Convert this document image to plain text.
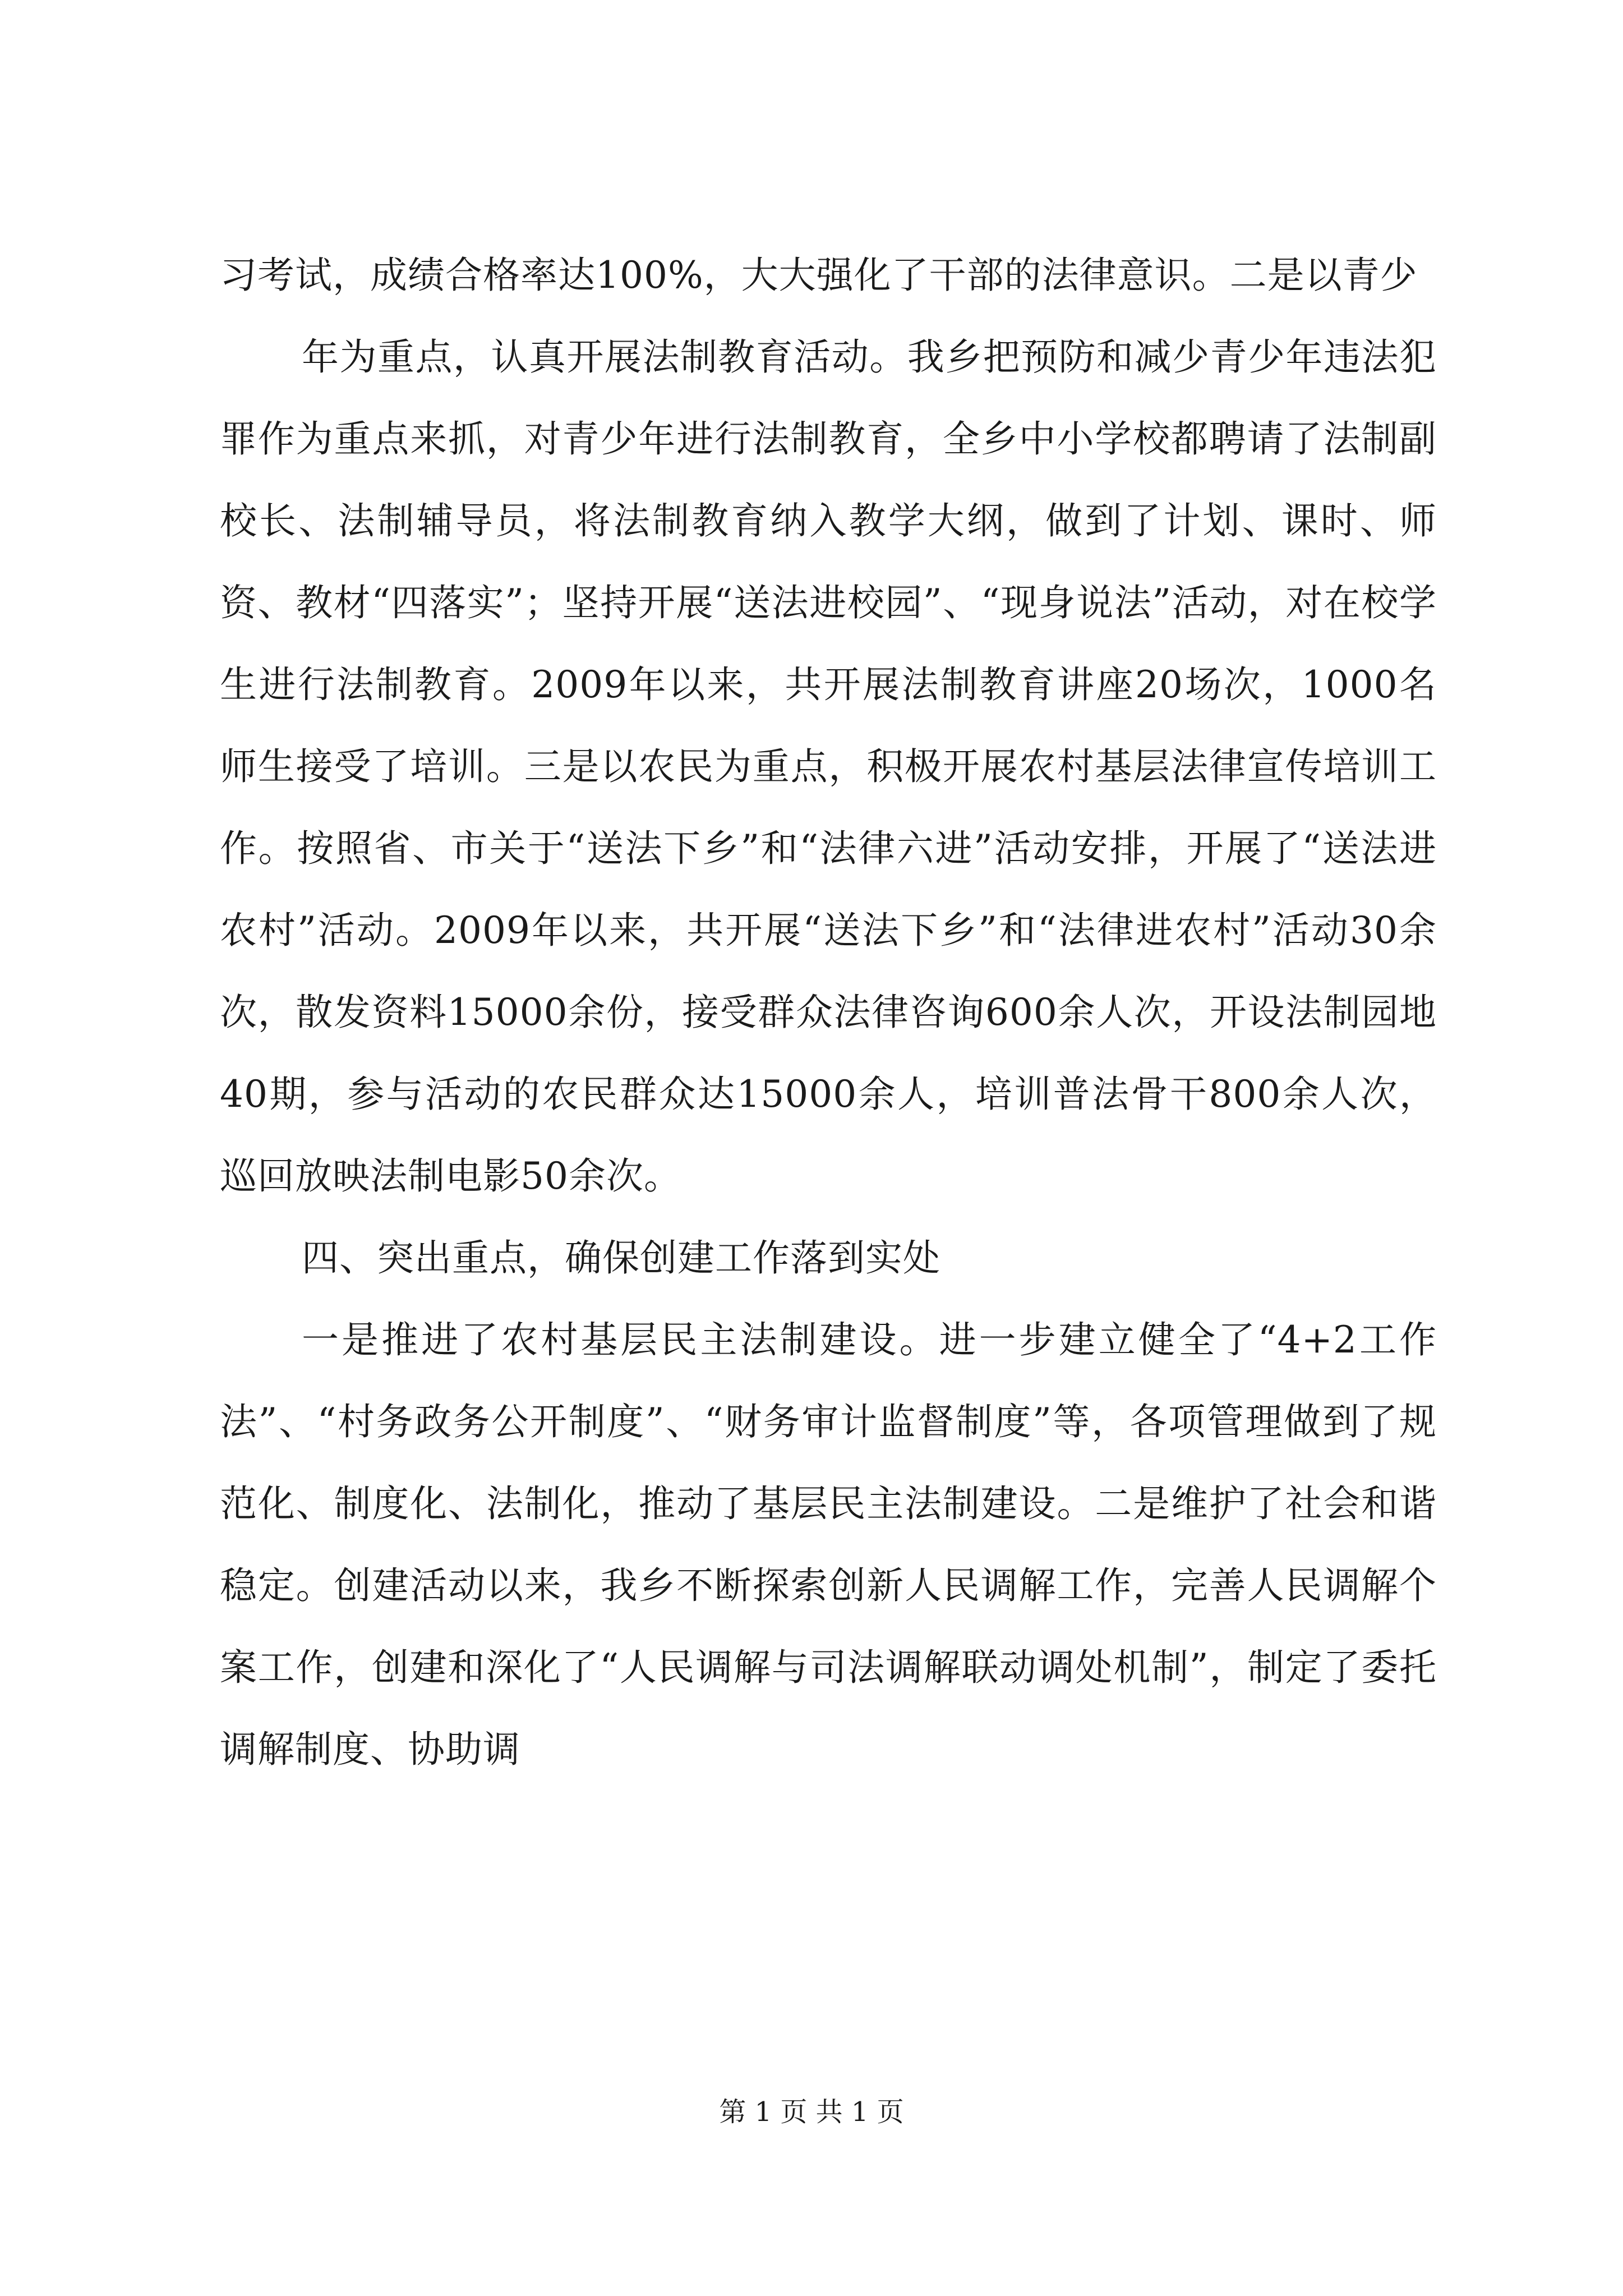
习考试，成绩合格率达100%，大大强化了干部的法律意识。二是以青少

年为重点，认真开展法制教育活动。我乡把预防和减少青少年违法犯罪作为重点来抓，对青少年进行法制教育，全乡中小学校都聘请了法制副校长、法制辅导员，将法制教育纳入教学大纲，做到了计划、课时、师资、教材“四落实”；坚持开展“送法进校园”、“现身说法”活动，对在校学生进行法制教育。2009年以来，共开展法制教育讲座20场次，1000名师生接受了培训。三是以农民为重点，积极开展农村基层法律宣传培训工作。按照省、市关于“送法下乡”和“法律六进”活动安排，开展了“送法进农村”活动。2009年以来，共开展“送法下乡”和“法律进农村”活动30余次，散发资料15000余份，接受群众法律咨询600余人次，开设法制园地40期，参与活动的农民群众达15000余人，培训普法骨干800余人次，巡回放映法制电影50余次。

四、突出重点，确保创建工作落到实处

一是推进了农村基层民主法制建设。进一步建立健全了“4+2工作法”、“村务政务公开制度”、“财务审计监督制度”等，各项管理做到了规范化、制度化、法制化，推动了基层民主法制建设。二是维护了社会和谐稳定。创建活动以来，我乡不断探索创新人民调解工作，完善人民调解个案工作，创建和深化了“人民调解与司法调解联动调处机制”，制定了委托调解制度、协助调

第 1 页 共 1 页
